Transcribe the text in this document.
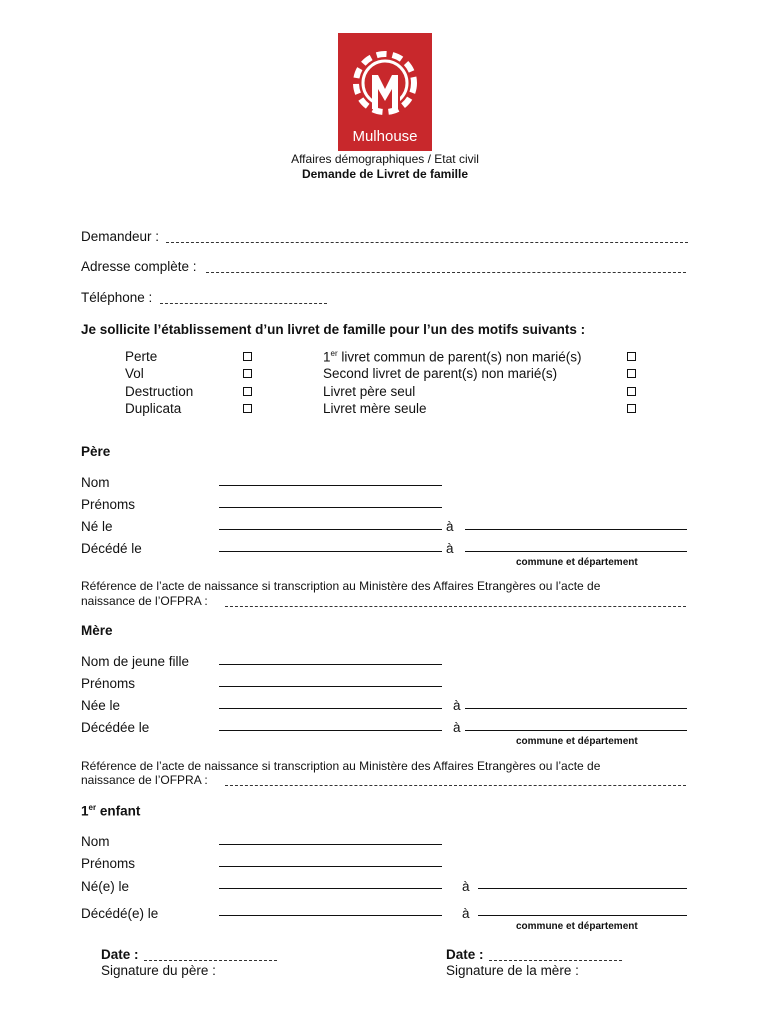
Mulhouse
Affaires démographiques / Etat civil
Demande de Livret de famille
Demandeur :
Adresse complète :
Téléphone :
Je sollicite l’établissement d’un livret de famille pour l’un des motifs suivants :
Perte
Vol
Destruction
Duplicata
1er livret commun de parent(s) non marié(s)
Second livret de parent(s) non marié(s)
Livret père seul
Livret mère seule
Père
Nom
Prénoms
Né le	à
Décédé le	à
commune et département
Référence de l’acte de naissance si transcription au Ministère des Affaires Etrangères ou l’acte de
naissance de l’OFPRA :
Mère
Nom de jeune fille
Prénoms
Née le	à
Décédée le	à
commune et département
Référence de l’acte de naissance si transcription au Ministère des Affaires Etrangères ou l’acte de
naissance de l’OFPRA :
1er enfant
Nom
Prénoms
Né(e) le	à
Décédé(e) le	à
commune et département
Date :
Signature du père :
Date :
Signature de la mère :
